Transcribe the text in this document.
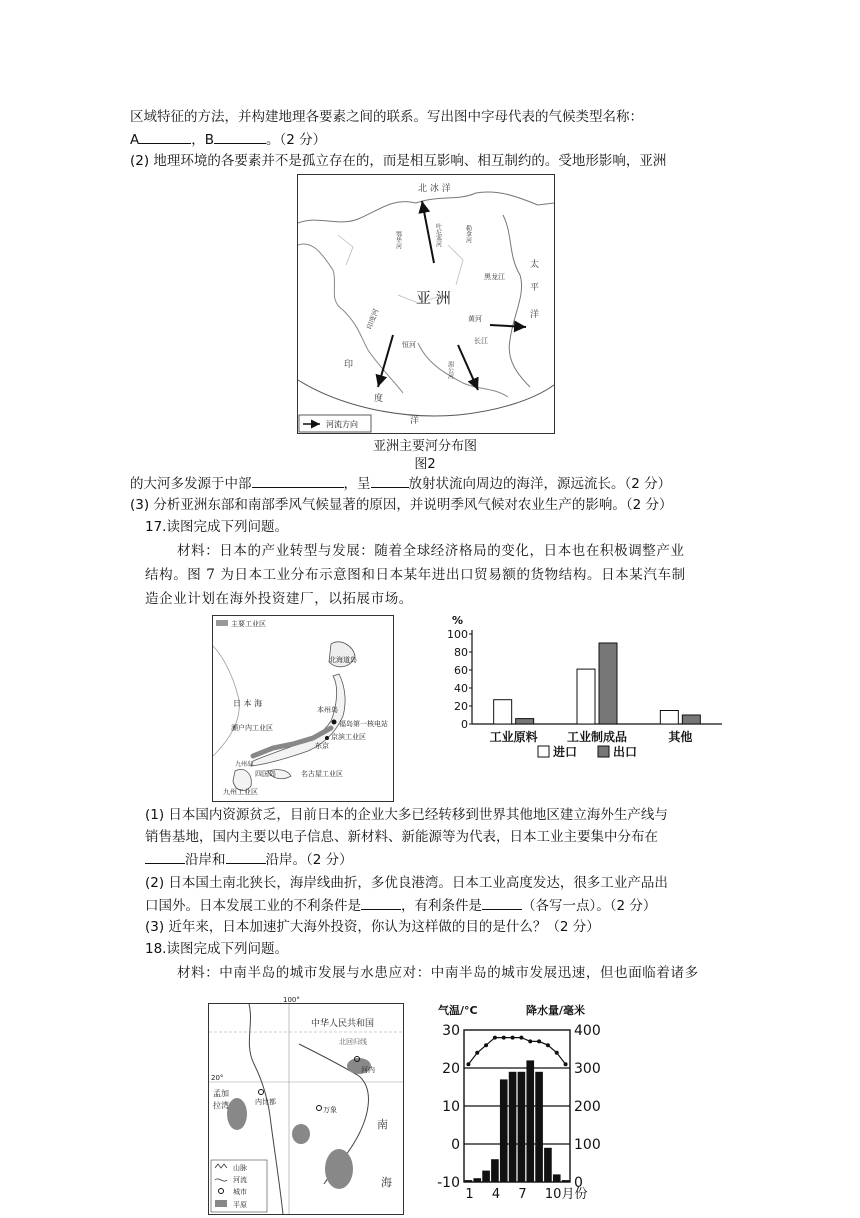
区域特征的方法，并构建地理各要素之间的联系。写出图中字母代表的气候类型名称：
A	，B	。（2 分）
(2) 地理环境的各要素并不是孤立存在的，而是相互影响、相互制约的。受地形影响，亚洲
北 冰 洋
亚 洲
太
平
洋
印
度
洋
鄂毕河	叶尼塞河	勒拿河
黑龙江
印度河
恒河
黄河
长江
湄公河
河流方向
亚洲主要河分布图
图2
的大河多发源于中部	，呈	放射状流向周边的海洋，源远流长。（2 分）
(3) 分析亚洲东部和南部季风气候显著的原因，并说明季风气候对农业生产的影响。（2 分）
17.读图完成下列问题。
材料：日本的产业转型与发展：随着全球经济格局的变化，日本也在积极调整产业
结构。图 7 为日本工业分布示意图和日本某年进出口贸易额的货物结构。日本某汽车制
造企业计划在海外投资建厂，以拓展市场。
主要工业区
北海道岛
日 本 海
本州岛
福岛第一核电站
瀬户内工业区
京滨工业区
东京
四国岛
九州岛
名古屋工业区
九州工业区
%
0
20
40
60
80
100
工业原料 工业制成品	其他
进口	出口
(1) 日本国内资源贫乏，目前日本的企业大多已经转移到世界其他地区建立海外生产线与
销售基地，国内主要以电子信息、新材料、新能源等为代表，日本工业主要集中分布在
沿岸和	沿岸。（2 分）
(2) 日本国土南北狭长，海岸线曲折，多优良港湾。日本工业高度发达，很多工业产品出
口国外。日本发展工业的不利条件是	，有利条件是	（各写一点）。（2 分）
(3) 近年来，日本加速扩大海外投资，你认为这样做的目的是什么？（2 分）
18.读图完成下列问题。
材料：中南半岛的城市发展与水患应对：中南半岛的城市发展迅速，但也面临着诸多
100°
中华人民共和国
北回归线
20°
孟加
拉湾	内比都
河内
万象
南
海
山脉
河流
城市
平原
气温/°C	降水量/毫米
30	400
20	300
10	200
0	100
-10	0
1 4 7 10月份
